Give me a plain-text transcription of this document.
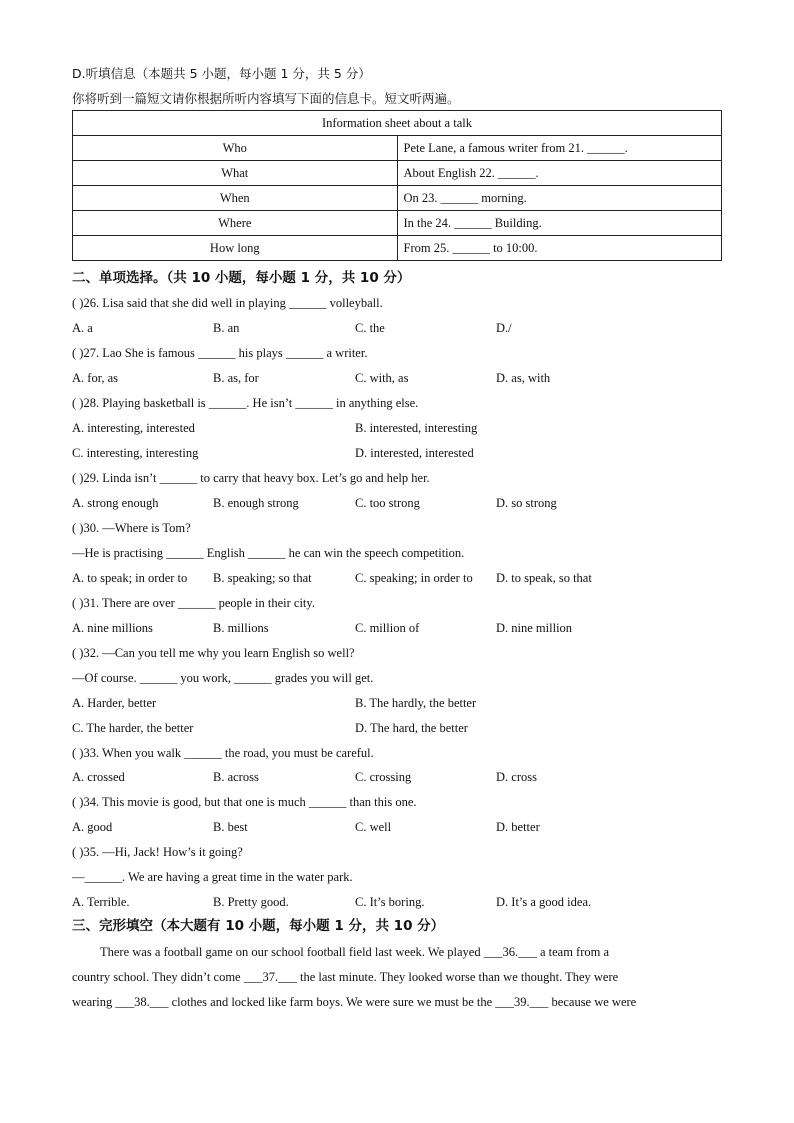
D.听填信息（本题共 5 小题，每小题 1 分，共 5 分）
你将听到一篇短文请你根据所听内容填写下面的信息卡。短文听两遍。
Information sheet about a talk	
Who	Pete Lane, a famous writer from 21. ______.
What	About English 22. ______.
When	On 23. ______ morning.
Where	In the 24. ______ Building.
How long	From 25. ______ to 10:00.
二、单项选择。（共 10 小题，每小题 1 分，共 10 分）
( )26. Lisa said that she did well in playing ______ volleyball.
A. a	B. an	C. the	D./
( )27. Lao She is famous ______ his plays ______ a writer.
A. for, as	B. as, for	C. with, as	D. as, with
( )28. Playing basketball is ______. He isn’t ______ in anything else.
A. interesting, interested	B. interested, interesting
C. interesting, interesting	D. interested, interested
( )29. Linda isn’t ______ to carry that heavy box. Let’s go and help her.
A. strong enough	B. enough strong	C. too strong	D. so strong
( )30. —Where is Tom?
—He is practising ______ English ______ he can win the speech competition.
A. to speak; in order to B. speaking; so that	C. speaking; in order to D. to speak, so that
( )31. There are over ______ people in their city.
A. nine millions	B. millions	C. million of	D. nine million
( )32. —Can you tell me why you learn English so well?
—Of course. ______ you work, ______ grades you will get.
A. Harder, better	B. The hardly, the better
C. The harder, the better	D. The hard, the better
( )33. When you walk ______ the road, you must be careful.
A. crossed	B. across	C. crossing	D. cross
( )34. This movie is good, but that one is much ______ than this one.
A. good	B. best	C. well	D. better
( )35. —Hi, Jack! How’s it going?
—______. We are having a great time in the water park.
A. Terrible.	B. Pretty good.	C. It’s boring.	D. It’s a good idea.
三、完形填空（本大题有 10 小题，每小题 1 分，共 10 分）
There was a football game on our school football field last week. We played ___36.___ a team from a
country school. They didn’t come ___37.___ the last minute. They looked worse than we thought. They were
wearing ___38.___ clothes and locked like farm boys. We were sure we must be the ___39.___ because we were
